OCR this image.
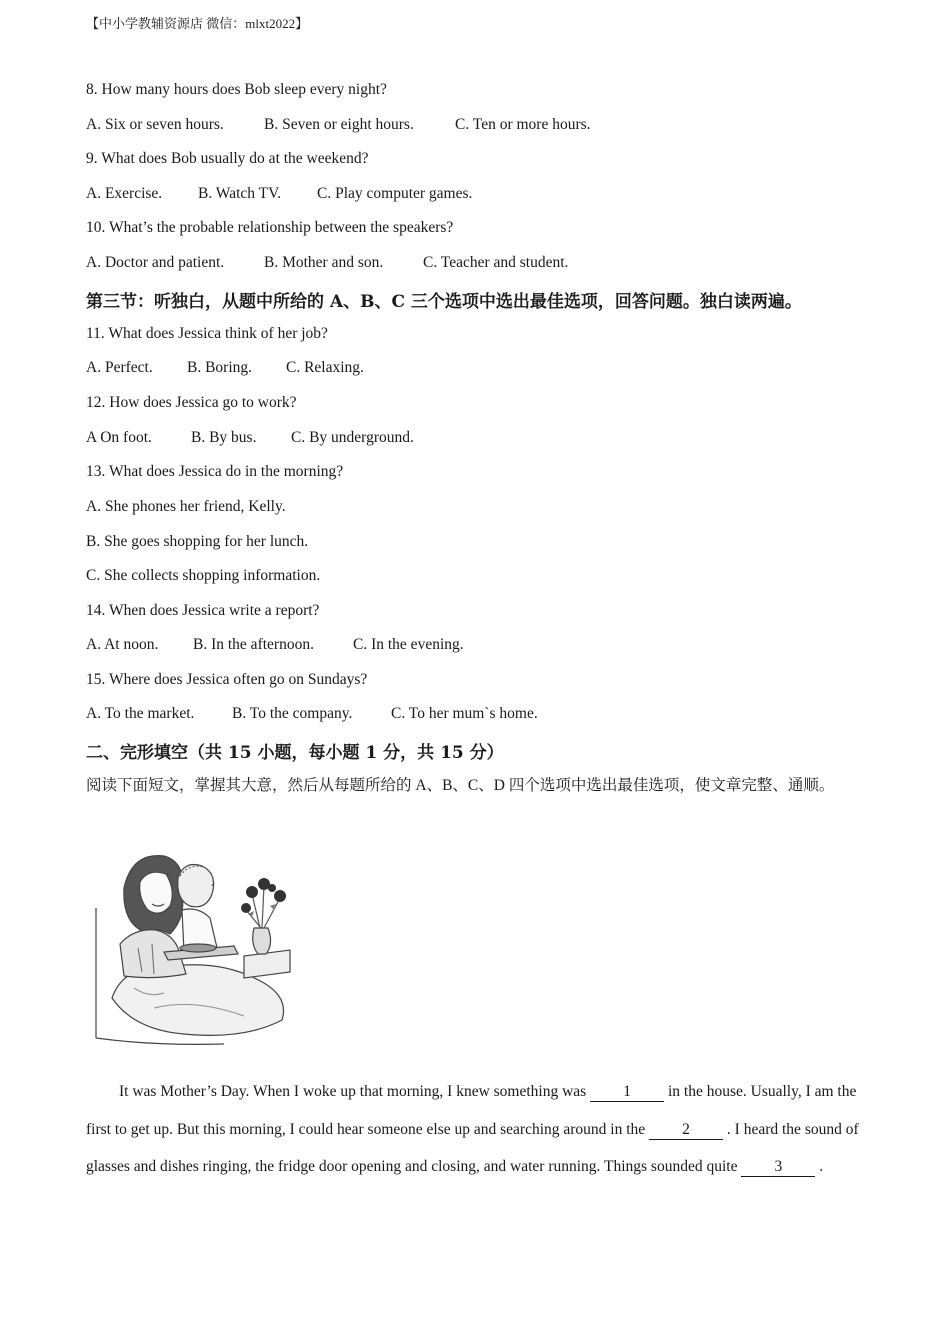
【中小学教辅资源店 微信：mlxt2022】
8. How many hours does Bob sleep every night?
A. Six or seven hours.	B. Seven or eight hours.	C. Ten or more hours.
9. What does Bob usually do at the weekend?
A. Exercise. B. Watch TV. C. Play computer games.
10. What’s the probable relationship between the speakers?
A. Doctor and patient.	B. Mother and son.	C. Teacher and student.
第三节：听独白，从题中所给的 A、B、C 三个选项中选出最佳选项，回答问题。独白读两遍。
11. What does Jessica think of her job?
A. Perfect. B. Boring. C. Relaxing.
12. How does Jessica go to work?
A On foot.	B. By bus. C. By underground.
13. What does Jessica do in the morning?
A. She phones her friend, Kelly.
B. She goes shopping for her lunch.
C. She collects shopping information.
14. When does Jessica write a report?
A. At noon. B. In the afternoon.	C. In the evening.
15. Where does Jessica often go on Sundays?
A. To the market. B. To the company. C. To her mum`s home.
二、完形填空（共 15 小题，每小题 1 分，共 15 分）
阅读下面短文，掌握其大意，然后从每题所给的 A、B、C、D 四个选项中选出最佳选项，使文章完整、通顺。
It was Mother’s Day. When I woke up that morning, I knew something was 1 in the house. Usually, I am the first to get up. But this morning, I could hear someone else up and searching around in the 2 . I heard the sound of glasses and dishes ringing, the fridge door opening and closing, and water running. Things sounded quite 3 .
